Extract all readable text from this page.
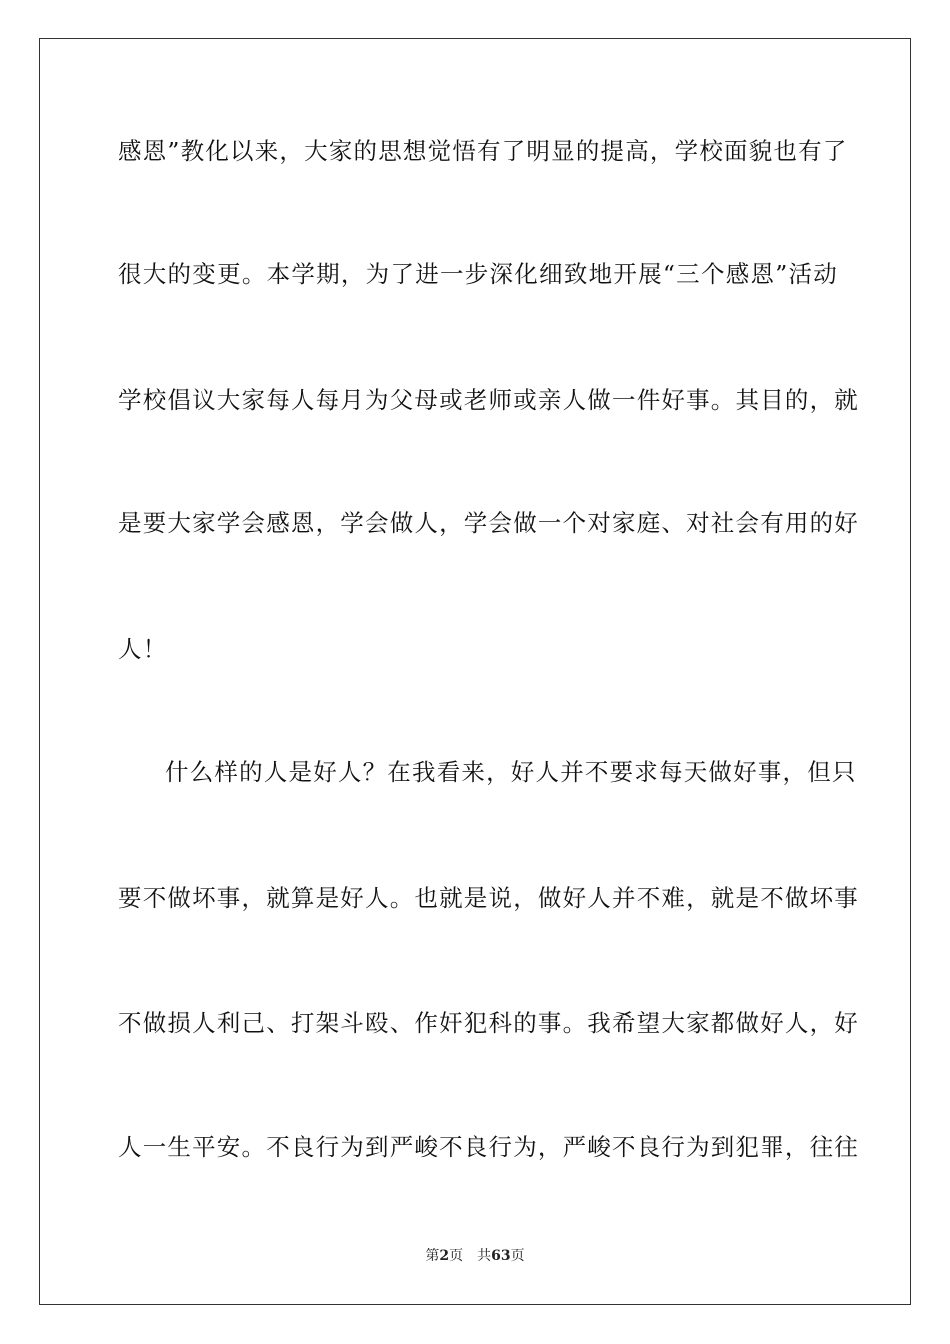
感恩”教化以来，大家的思想觉悟有了明显的提高，学校面貌也有了
很大的变更。本学期，为了进一步深化细致地开展“三个感恩”活动
学校倡议大家每人每月为父母或老师或亲人做一件好事。其目的，就
是要大家学会感恩，学会做人，学会做一个对家庭、对社会有用的好
人！
什么样的人是好人？在我看来，好人并不要求每天做好事，但只
要不做坏事，就算是好人。也就是说，做好人并不难，就是不做坏事
不做损人利己、打架斗殴、作奸犯科的事。我希望大家都做好人，好
人一生平安。不良行为到严峻不良行为，严峻不良行为到犯罪，往往
第2页 共63页
